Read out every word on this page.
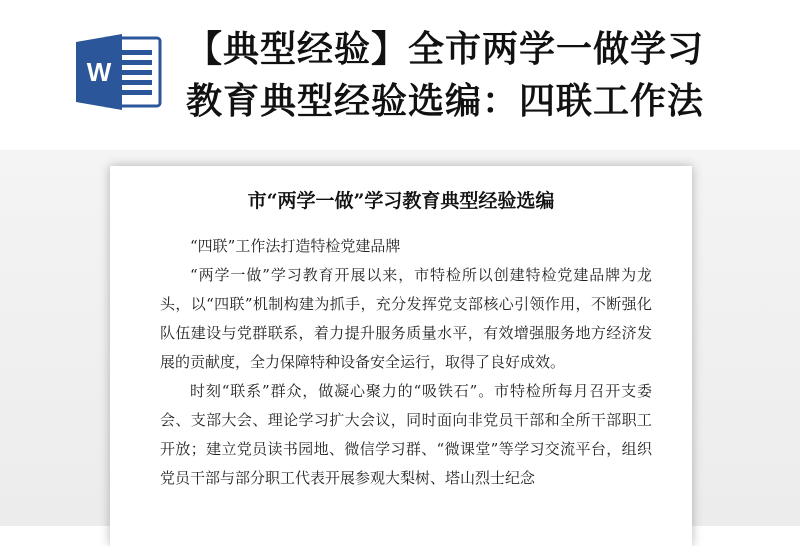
W
【典型经验】全市两学一做学习
教育典型经验选编：四联工作法
市“两学一做”学习教育典型经验选编

“四联”工作法打造特检党建品牌

“两学一做”学习教育开展以来，市特检所以创建特检党建品牌为龙头，以“四联”机制构建为抓手，充分发挥党支部核心引领作用，不断强化队伍建设与党群联系，着力提升服务质量水平，有效增强服务地方经济发展的贡献度，全力保障特种设备安全运行，取得了良好成效。

时刻“联系”群众，做凝心聚力的“吸铁石”。市特检所每月召开支委会、支部大会、理论学习扩大会议，同时面向非党员干部和全所干部职工开放；建立党员读书园地、微信学习群、“微课堂”等学习交流平台，组织党员干部与部分职工代表开展参观大梨树、塔山烈士纪念
